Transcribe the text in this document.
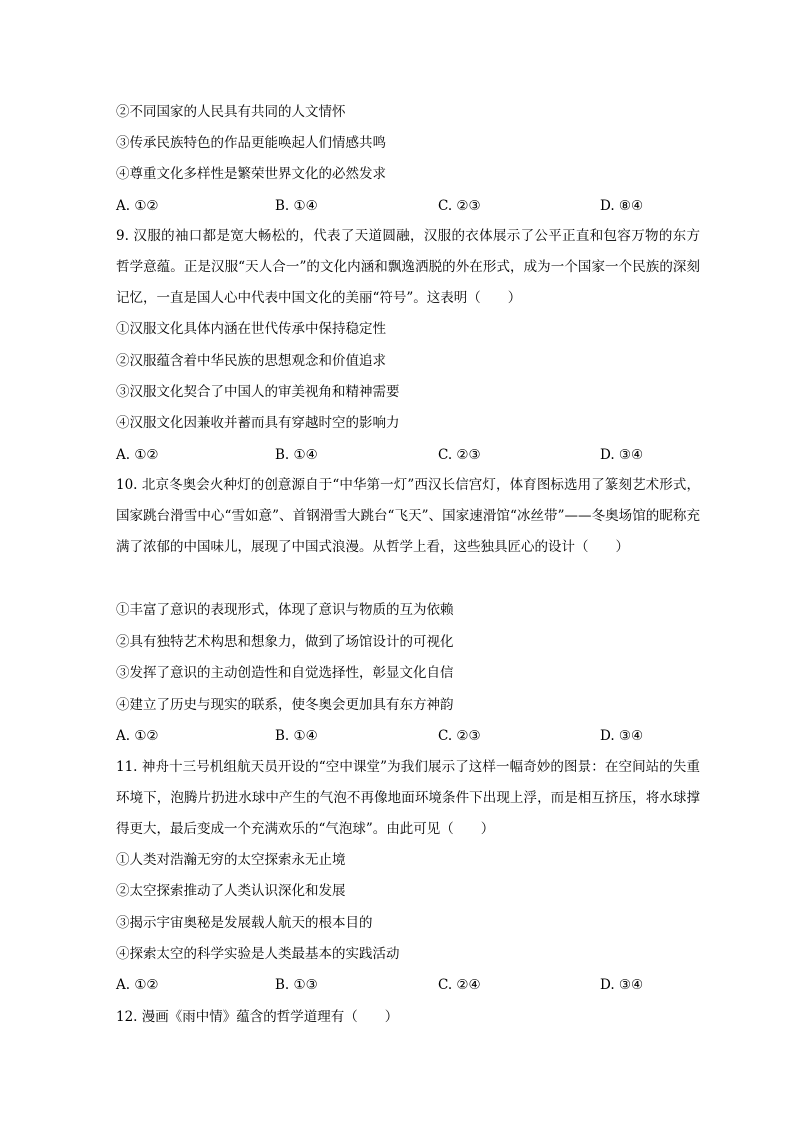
②不同国家的人民具有共同的人文情怀
③传承民族特色的作品更能唤起人们情感共鸣
④尊重文化多样性是繁荣世界文化的必然发求
A. ①②	B. ①④	C. ②③	D. ⑧④
9. 汉服的袖口都是宽大畅松的，代表了天道圆融，汉服的衣体展示了公平正直和包容万物的东方哲学意蕴。正是汉服“天人合一”的文化内涵和飘逸洒脱的外在形式，成为一个国家一个民族的深刻记忆，一直是国人心中代表中国文化的美丽“符号”。这表明（　　）
①汉服文化具体内涵在世代传承中保持稳定性
②汉服蕴含着中华民族的思想观念和价值追求
③汉服文化契合了中国人的审美视角和精神需要
④汉服文化因兼收并蓄而具有穿越时空的影响力
A. ①②	B. ①④	C. ②③	D. ③④
10. 北京冬奥会火种灯的创意源自于“中华第一灯”西汉长信宫灯，体育图标选用了篆刻艺术形式，国家跳台滑雪中心“雪如意”、首钢滑雪大跳台“飞天”、国家速滑馆“冰丝带”——冬奥场馆的昵称充满了浓郁的中国味儿，展现了中国式浪漫。从哲学上看，这些独具匠心的设计（　　）
①丰富了意识的表现形式，体现了意识与物质的互为依赖
②具有独特艺术构思和想象力，做到了场馆设计的可视化
③发挥了意识的主动创造性和自觉选择性，彰显文化自信
④建立了历史与现实的联系，使冬奥会更加具有东方神韵
A. ①②	B. ①④	C. ②③	D. ③④
11. 神舟十三号机组航天员开设的“空中课堂”为我们展示了这样一幅奇妙的图景：在空间站的失重环境下，泡腾片扔进水球中产生的气泡不再像地面环境条件下出现上浮，而是相互挤压，将水球撑得更大，最后变成一个充满欢乐的“气泡球”。由此可见（　　）
①人类对浩瀚无穷的太空探索永无止境
②太空探索推动了人类认识深化和发展
③揭示宇宙奥秘是发展载人航天的根本目的
④探索太空的科学实验是人类最基本的实践活动
A. ①②	B. ①③	C. ②④	D. ③④
12. 漫画《雨中情》蕴含的哲学道理有（　　）
